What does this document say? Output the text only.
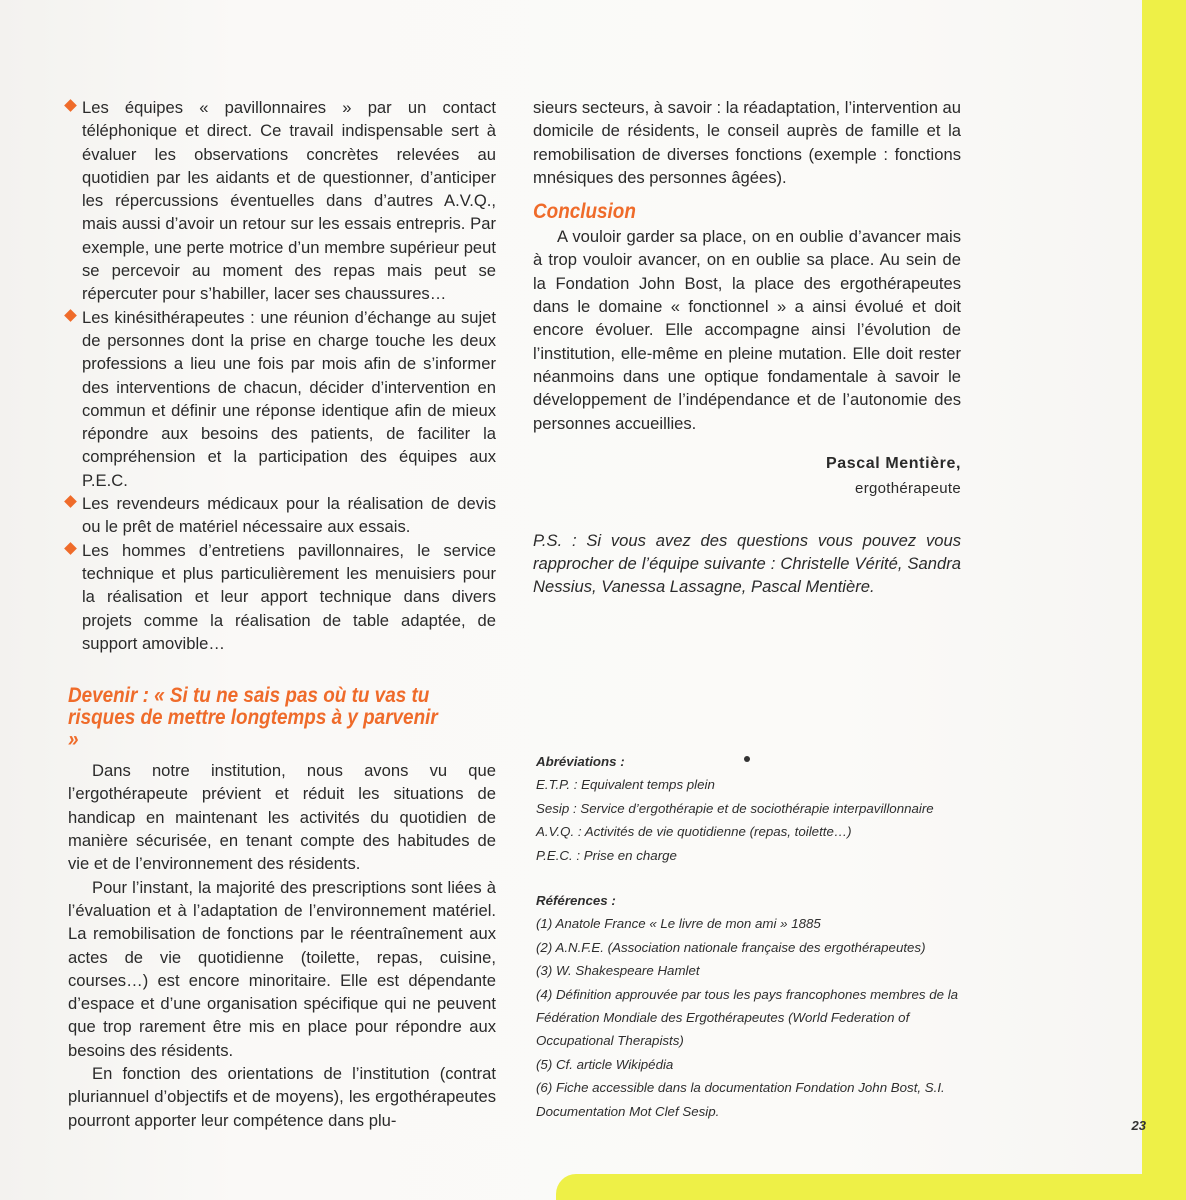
Les équipes « pavillonnaires » par un contact téléphonique et direct. Ce travail indispensable sert à évaluer les observations concrètes relevées au quotidien par les aidants et de questionner, d’anticiper les répercussions éventuelles dans d’autres A.V.Q., mais aussi d’avoir un retour sur les essais entrepris. Par exemple, une perte motrice d’un membre supérieur peut se percevoir au moment des repas mais peut se répercuter pour s’habiller, lacer ses chaussures…

Les kinésithérapeutes : une réunion d’échange au sujet de personnes dont la prise en charge touche les deux professions a lieu une fois par mois afin de s’informer des interventions de chacun, décider d’intervention en commun et définir une réponse identique afin de mieux répondre aux besoins des patients, de faciliter la compréhension et la participation des équipes aux P.E.C.

Les revendeurs médicaux pour la réalisation de devis ou le prêt de matériel nécessaire aux essais.

Les hommes d’entretiens pavillonnaires, le service technique et plus particulièrement les menuisiers pour la réalisation et leur apport technique dans divers projets comme la réalisation de table adaptée, de support amovible…

Devenir : « Si tu ne sais pas où tu vas tu risques de mettre longtemps à y parvenir »

Dans notre institution, nous avons vu que l’ergothérapeute prévient et réduit les situations de handicap en maintenant les activités du quotidien de manière sécurisée, en tenant compte des habitudes de vie et de l’environnement des résidents.

Pour l’instant, la majorité des prescriptions sont liées à l’évaluation et à l’adaptation de l’environnement matériel. La remobilisation de fonctions par le réentraînement aux actes de vie quotidienne (toilette, repas, cuisine, courses…) est encore minoritaire. Elle est dépendante d’espace et d’une organisation spécifique qui ne peuvent que trop rarement être mis en place pour répondre aux besoins des résidents.

En fonction des orientations de l’institution (contrat pluriannuel d’objectifs et de moyens), les ergothérapeutes pourront apporter leur compétence dans plu-

sieurs secteurs, à savoir : la réadaptation, l’intervention au domicile de résidents, le conseil auprès de famille et la remobilisation de diverses fonctions (exemple : fonctions mnésiques des personnes âgées).

Conclusion

A vouloir garder sa place, on en oublie d’avancer mais à trop vouloir avancer, on en oublie sa place. Au sein de la Fondation John Bost, la place des ergothérapeutes dans le domaine « fonctionnel » a ainsi évolué et doit encore évoluer. Elle accompagne ainsi l’évolution de l’institution, elle-même en pleine mutation. Elle doit rester néanmoins dans une optique fondamentale à savoir le développement de l’indépendance et de l’autonomie des personnes accueillies.

Pascal Mentière,
ergothérapeute

P.S. : Si vous avez des questions vous pouvez vous rapprocher de l’équipe suivante : Christelle Vérité, Sandra Nessius, Vanessa Lassagne, Pascal Mentière.

Abréviations :

E.T.P. : Equivalent temps plein

Sesip : Service d’ergothérapie et de sociothérapie interpavillonnaire

A.V.Q. : Activités de vie quotidienne (repas, toilette…)

P.E.C. : Prise en charge

Références :

(1) Anatole France « Le livre de mon ami » 1885

(2) A.N.F.E. (Association nationale française des ergothérapeutes)

(3) W. Shakespeare Hamlet

(4) Définition approuvée par tous les pays francophones membres de la Fédération Mondiale des Ergothérapeutes (World Federation of Occupational Therapists)

(5) Cf. article Wikipédia

(6) Fiche accessible dans la documentation Fondation John Bost, S.I. Documentation Mot Clef Sesip.

23
